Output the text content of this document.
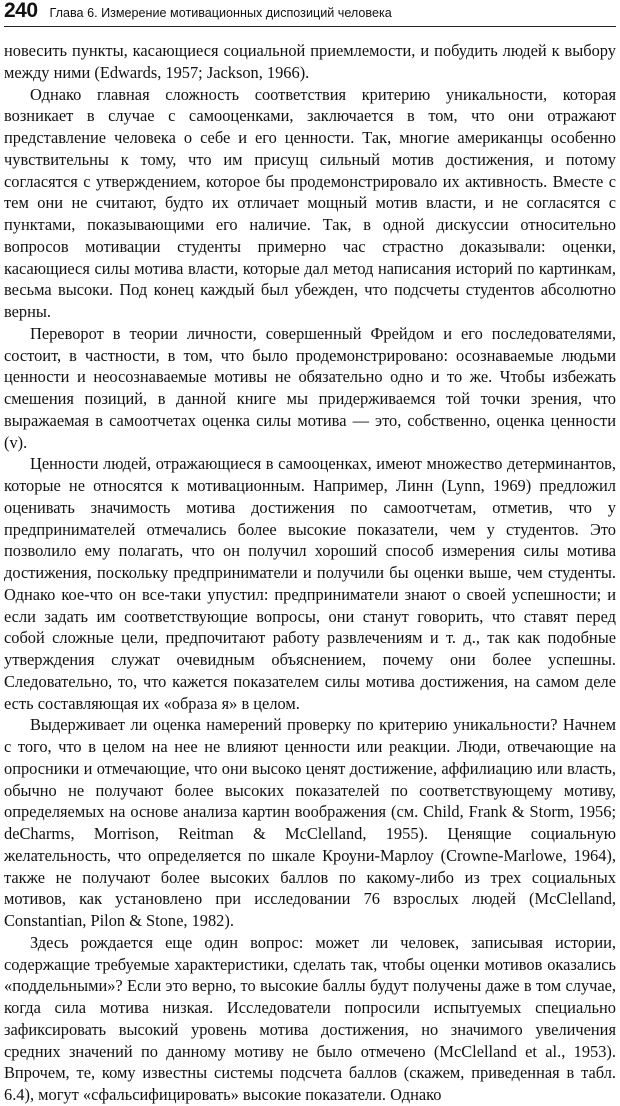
240 Глава 6. Измерение мотивационных диспозиций человека

новесить пункты, касающиеся социальной приемлемости, и побудить людей к выбору между ними (Edwards, 1957; Jackson, 1966).

Однако главная сложность соответствия критерию уникальности, которая возникает в случае с самооценками, заключается в том, что они отражают представление человека о себе и его ценности. Так, многие американцы особенно чувствительны к тому, что им присущ сильный мотив достижения, и потому согласятся с утверждением, которое бы продемонстрировало их активность. Вместе с тем они не считают, будто их отличает мощный мотив власти, и не согласятся с пунктами, показывающими его наличие. Так, в одной дискуссии относительно вопросов мотивации студенты примерно час страстно доказывали: оценки, касающиеся силы мотива власти, которые дал метод написания историй по картинкам, весьма высоки. Под конец каждый был убежден, что подсчеты студентов абсолютно верны.

Переворот в теории личности, совершенный Фрейдом и его последователями, состоит, в частности, в том, что было продемонстрировано: осознаваемые людьми ценности и неосознаваемые мотивы не обязательно одно и то же. Чтобы избежать смешения позиций, в данной книге мы придерживаемся той точки зрения, что выражаемая в самоотчетах оценка силы мотива — это, собственно, оценка ценности (v).

Ценности людей, отражающиеся в самооценках, имеют множество детерминантов, которые не относятся к мотивационным. Например, Линн (Lynn, 1969) предложил оценивать значимость мотива достижения по самоотчетам, отметив, что у предпринимателей отмечались более высокие показатели, чем у студентов. Это позволило ему полагать, что он получил хороший способ измерения силы мотива достижения, поскольку предприниматели и получили бы оценки выше, чем студенты. Однако кое-что он все-таки упустил: предприниматели знают о своей успешности; и если задать им соответствующие вопросы, они станут говорить, что ставят перед собой сложные цели, предпочитают работу развлечениям и т. д., так как подобные утверждения служат очевидным объяснением, почему они более успешны. Следовательно, то, что кажется показателем силы мотива достижения, на самом деле есть составляющая их «образа я» в целом.

Выдерживает ли оценка намерений проверку по критерию уникальности? Начнем с того, что в целом на нее не влияют ценности или реакции. Люди, отвечающие на опросники и отмечающие, что они высоко ценят достижение, аффилиацию или власть, обычно не получают более высоких показателей по соответствующему мотиву, определяемых на основе анализа картин воображения (см. Child, Frank & Storm, 1956; deCharms, Morrison, Reitman & McClelland, 1955). Ценящие социальную желательность, что определяется по шкале Кроуни-Марлоу (Crowne-Marlowe, 1964), также не получают более высоких баллов по какому-либо из трех социальных мотивов, как установлено при исследовании 76 взрослых людей (McClelland, Constantian, Pilon & Stone, 1982).

Здесь рождается еще один вопрос: может ли человек, записывая истории, содержащие требуемые характеристики, сделать так, чтобы оценки мотивов оказались «поддельными»? Если это верно, то высокие баллы будут получены даже в том случае, когда сила мотива низкая. Исследователи попросили испытуемых специально зафиксировать высокий уровень мотива достижения, но значимого увеличения средних значений по данному мотиву не было отмечено (McClelland et al., 1953). Впрочем, те, кому известны системы подсчета баллов (скажем, приведенная в табл. 6.4), могут «сфальсифицировать» высокие показатели. Однако
